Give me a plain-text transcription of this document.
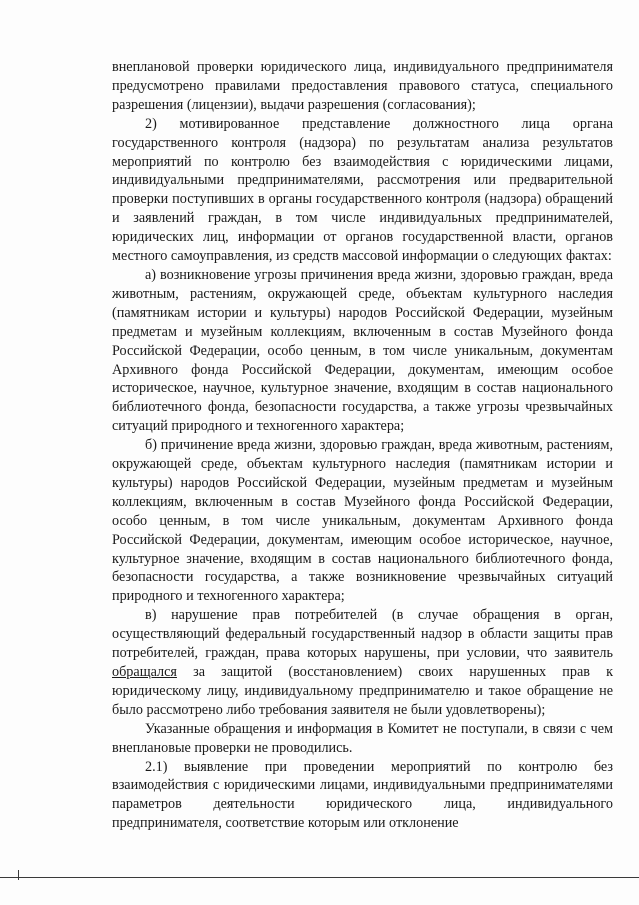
внеплановой проверки юридического лица, индивидуального предпринимателя предусмотрено правилами предоставления правового статуса, специального разрешения (лицензии), выдачи разрешения (согласования);

2) мотивированное представление должностного лица органа государственного контроля (надзора) по результатам анализа результатов мероприятий по контролю без взаимодействия с юридическими лицами, индивидуальными предпринимателями, рассмотрения или предварительной проверки поступивших в органы государственного контроля (надзора) обращений и заявлений граждан, в том числе индивидуальных предпринимателей, юридических лиц, информации от органов государственной власти, органов местного самоуправления, из средств массовой информации о следующих фактах:

а) возникновение угрозы причинения вреда жизни, здоровью граждан, вреда животным, растениям, окружающей среде, объектам культурного наследия (памятникам истории и культуры) народов Российской Федерации, музейным предметам и музейным коллекциям, включенным в состав Музейного фонда Российской Федерации, особо ценным, в том числе уникальным, документам Архивного фонда Российской Федерации, документам, имеющим особое историческое, научное, культурное значение, входящим в состав национального библиотечного фонда, безопасности государства, а также угрозы чрезвычайных ситуаций природного и техногенного характера;

б) причинение вреда жизни, здоровью граждан, вреда животным, растениям, окружающей среде, объектам культурного наследия (памятникам истории и культуры) народов Российской Федерации, музейным предметам и музейным коллекциям, включенным в состав Музейного фонда Российской Федерации, особо ценным, в том числе уникальным, документам Архивного фонда Российской Федерации, документам, имеющим особое историческое, научное, культурное значение, входящим в состав национального библиотечного фонда, безопасности государства, а также возникновение чрезвычайных ситуаций природного и техногенного характера;

в) нарушение прав потребителей (в случае обращения в орган, осуществляющий федеральный государственный надзор в области защиты прав потребителей, граждан, права которых нарушены, при условии, что заявитель обращался за защитой (восстановлением) своих нарушенных прав к юридическому лицу, индивидуальному предпринимателю и такое обращение не было рассмотрено либо требования заявителя не были удовлетворены);

Указанные обращения и информация в Комитет не поступали, в связи с чем внеплановые проверки не проводились.

2.1) выявление при проведении мероприятий по контролю без взаимодействия с юридическими лицами, индивидуальными предпринимателями параметров деятельности юридического лица, индивидуального предпринимателя, соответствие которым или отклонение
